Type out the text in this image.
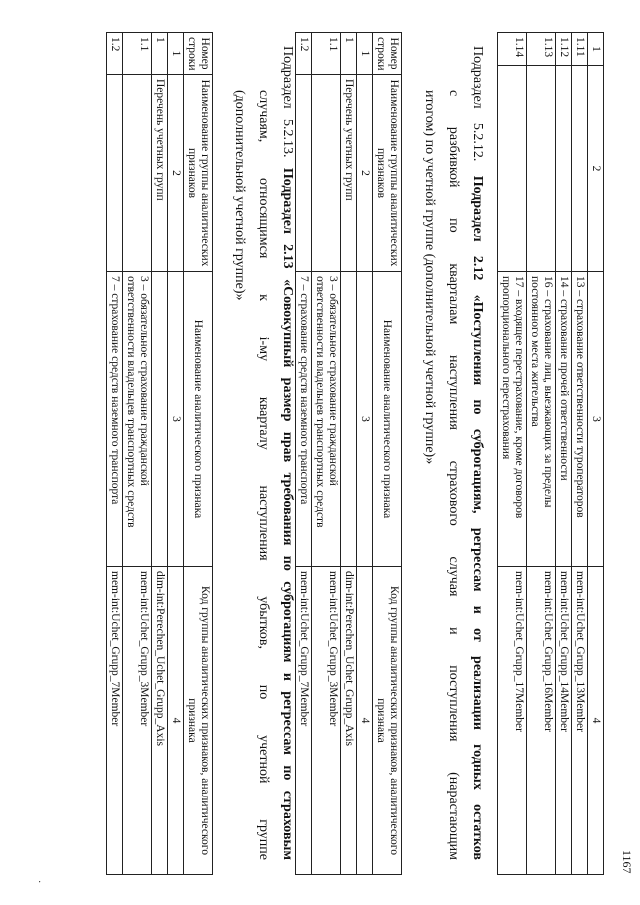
1167
1	2	3	4
1.11		13 – страхование ответственности туроператоров	mem-int:Uchet_Grupp_13Member
1.12		14 – страхование прочей ответственности	mem-int:Uchet_Grupp_14Member
1.13		16 – страхование лиц, выезжающих за пределы постоянного места жительства	mem-int:Uchet_Grupp_16Member
1.14		17 – входящее перестрахование, кроме договоров пропорционального перестрахования	mem-int:Uchet_Grupp_17Member
Подраздел 5.2.12. Подраздел 2.12 «Поступления по суброгациям, регрессам и от реализации годных остатков
с разбивкой по кварталам наступления страхового случая и поступления (нарастающим
итогом) по учетной группе (дополнительной учетной группе)»
Номер строки	Наименование группы аналитических признаков	Наименование аналитического признака	Код группы аналитических признаков, аналитического признака
1	2	3	4
1	Перечень учетных групп		dim-int:Perechen_Uchet_Grupp_Axis
1.1		3 – обязательное страхование гражданской ответственности владельцев транспортных средств	mem-int:Uchet_Grupp_3Member
1.2		7 – страхование средств наземного транспорта	mem-int:Uchet_Grupp_7Member
Подраздел 5.2.13. Подраздел 2.13 «Совокупный размер прав требования по суброгациям и регрессам по страховым
случаям, относящимся к i-му кварталу наступления убытков, по учетной группе
(дополнительной учетной группе)»
Номер строки	Наименование группы аналитических признаков	Наименование аналитического признака	Код группы аналитических признаков, аналитического признака
1	2	3	4
1	Перечень учетных групп		dim-int:Perechen_Uchet_Grupp_Axis
1.1		3 – обязательное страхование гражданской ответственности владельцев транспортных средств	mem-int:Uchet_Grupp_3Member
1.2		7 – страхование средств наземного транспорта	mem-int:Uchet_Grupp_7Member
·
